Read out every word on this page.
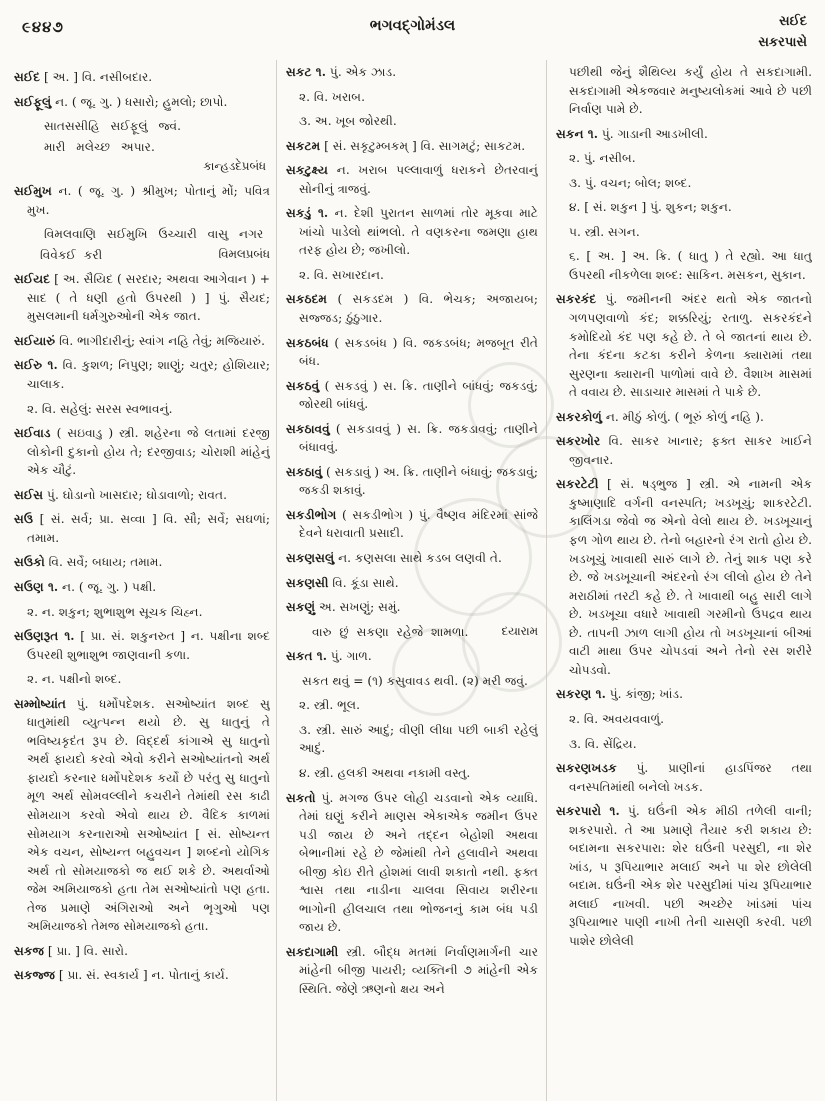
૯૪૪૭	ભગવદ્ગોમંડલ	સઈદ
સકરપાસે

સઈદ [ અ. ] વિ. નસીબદાર.

સઈફૂલું ન. ( જૂ. ગુ. ) ધસારો; હુમલો; છાપો.

સાતસસીહિ સઈફૂલું જ્વં.

મારી મલેચ્છ અપાર.

કાન્હડદેપ્રબંધ

સઈમુખ ન. ( જૂ. ગુ. ) શ્રીમુખ; પોતાનું મોં; પવિત્ર મુખ.

વિમલવાણિ સઈમુખિ ઉચ્ચારી વાસુ નગર

વિવેકઈ કરી	વિમલપ્રબંધ

સઈયદ [ અ. સૈયિદ ( સરદાર; અથવા આગેવાન ) + સાદ ( તે ધણી હતો ઉપરથી ) ] પું. સૈયદ; મુસલમાની ધર્મગુરુઓની એક જાત.

સઈયારું વિ. ભાગીદારીનું; સ્વાંગ નહિ તેવું; મજિયારું.

સઈરુ ૧. વિ. કુશળ; નિપુણ; શાણું; ચતુર; હોશિયાર; ચાલાક.

૨. વિ. સહેલું: સરસ સ્વભાવનું.

સઈવાડ ( સઇવાડુ ) સ્ત્રી. શહેરના જે લતામાં દરજી લોકોની દુકાનો હોય તે; દરજીવાડ; ચોરાશી માંહેનું એક ચૌટું.

સઈસ પું. ઘોડાનો ખાસદાર; ઘોડાવાળો; રાવત.

સઉ [ સં. સર્વ; પ્રા. સવ્વા ] વિ. સૌ; સર્વે; સઘળાં; તમામ.

સઉકો વિ. સર્વે; બધાય; તમામ.

સઉણ ૧. ન. ( જૂ. ગુ. ) પક્ષી.

૨. ન. શકુન; શુભાશુભ સૂચક ચિહ્ન.

સઉણરૂત ૧. [ પ્રા. સં. શકુનરુત ] ન. પક્ષીના શબ્દ ઉપરથી શુભાશુભ જાણવાની કળા.

૨. ન. પક્ષીનો શબ્દ.

સમ્મોષ્યાંત પું. ધર્મોપદેશક. સઓષ્યાંત શબ્દ સુ ધાતુમાંથી વ્યુત્પન્ન થયો છે. સુ ધાતુનું તે ભવિષ્યકૃદંત રૂપ છે. વિદ્દર્થ કાંગાએ સુ ધાતુનો અર્થ ફાયદો કરવો એવો કરીને સઓષ્યાંતનો અર્થ ફાયદો કરનાર ધર્મોપદેશક કર્યો છે પરંતુ સુ ધાતુનો મૂળ અર્થ સોમવલ્લીને કચરીને તેમાંથી રસ કાઢી સોમયાગ કરવો એવો થાય છે. વૈદિક કાળમાં સોમયાગ કરનારાઓ સઓષ્યાંત [ સં. સોષ્યન્ત એક વચન, સોષ્યન્ત બહુવચન ] શબ્દનો યોગિક અર્થ તો સોમયાજકો જ થઈ શકે છે. અથર્વાઓ જેમ અમિયાજકો હતા તેમ સઓષ્યાંતો પણ હતા. તેજ પ્રમાણે અંગિરાઓ અને ભૃગુઓ પણ અમિયાજકો તેમજ સોમયાજકો હતા.

સકજ [ પ્રા. ] વિ. સારો.

સકજ્જ [ પ્રા. સં. સ્વકાર્ય ] ન. પોતાનું કાર્ય.

સકટ ૧. પું. એક ઝાડ.

૨. વિ. ખરાબ.

૩. અ. ખૂબ જોરથી.

સકટમ [ સં. સકૃટુમ્બકમ્ ] વિ. સાગમટું; સાકટમ.

સકટુક્ષ્ય ન. ખરાબ પલ્લાવાળું ધરાકને છેતરવાનું સોનીનું ત્રાજવું.

સકડું ૧. ન. દેશી પુરાતન સાળમાં તોર મૂકવા માટે ખાંચો પાડેલો થાંભલો. તે વણકરના જમણા હાથ તરફ હોય છે; જખીલો.

૨. વિ. સખારદાન.

સકઠદમ ( સકડદમ ) વિ. ભેચક; અજાયબ; સજ્જડ; ઠુંઠુગાર.

સકઠબંધ ( સકડબંધ ) વિ. જકડબંધ; મજબૂત રીતે બંધ.

સકઠવું ( સકડવું ) સ. ક્રિ. તાણીને બાંધવું; જકડવું; જોરથી બાંધવું.

સકઠાવવું ( સકડાવવું ) સ. ક્રિ. જકડાવવું; તાણીને બંધાવવું.

સકઠાવું ( સકડાવું ) અ. ક્રિ. તાણીને બંધાવું; જકડાવું; જકડી શકાવું.

સકડીભોગ ( સકડીભોગ ) પું. વૈષ્ણવ મંદિરમાં સાંજે દેવને ધરાવાતી પ્રસાદી.

સકણસલું ન. કણસલા સાથે કડબ લણવી તે.

સકણસી વિ. કૂંડા સાથે.

સકણું અ. સખણું; સમું.

વારુ છું સકણા રહેજે શામળા.	દયારામ

સકત ૧. પું. ગાળ.

સકત થવું = (૧) કસુવાવડ થવી. (૨) મરી જવું.

૨. સ્ત્રી. ભૂલ.

૩. સ્ત્રી. સારું આદું; વીણી લીધા પછી બાકી રહેલું આદું.

૪. સ્ત્રી. હલકી અથવા નકામી વસ્તુ.

સકતો પું. મગજ ઉપર લોહી ચડવાનો એક વ્યાધિ. તેમાં ઘણું કરીને માણસ એકાએક જમીન ઉપર પડી જાય છે અને તદ્દન બેહોશી અથવા બેભાનીમાં રહે છે જેમાંથી તેને હલાવીને અથવા બીજી કોઇ રીતે હોશમાં લાવી શકાતો નથી. ફક્ત શ્વાસ તથા નાડીના ચાલવા સિવાય શરીરના ભાગોની હીલચાલ તથા ભોજનનું કામ બંધ પડી જાય છે.

સકદાગામી સ્ત્રી. બૌદ્ધ મતમાં નિર્વાણમાર્ગની ચાર માંહેની બીજી પાયરી; વ્યક્તિની ૭ માંહેની એક સ્થિતિ. જેણે ઋણનો ક્ષય અને

પછીથી જેનું શૈથિલ્ય કર્યું હોય તે સકદાગામી. સકદાગામી એકજવાર મનુષ્યલોકમાં આવે છે પછી નિર્વાણ પામે છે.

સકન ૧. પું. ગાડાની આડખીલી.

૨. પું. નસીબ.

૩. પું. વચન; બોલ; શબ્દ.

૪. [ સં. શકુન ] પું. શુકન; શકુન.

૫. સ્ત્રી. સગન.

૬. [ અ. ] અ. ક્રિ. ( ધાતુ ) તે રહ્યો. આ ધાતુ ઉપરથી નીકળેલા શબ્દ: સાકિન. મસકન, સુકાન.

સકરકંદ પું. જમીનની અંદર થતો એક જાતનો ગળપણવાળો કંદ; શક્કરિયું; રતાળુ. સકરકંદને કમોદિયો કંદ પણ કહે છે. તે બે જાતનાં થાય છે. તેના કંદના કટકા કરીને કેળના ક્યારામાં તથા સુરણના ક્યારાની પાળોમાં વાવે છે. વૈશાખ માસમાં તે વવાય છે. સાડાચાર માસમાં તે પાકે છે.

સકરકોળું ન. મીઠું કોળું. ( ભૂરું કોળું નહિ ).

સકરખોર વિ. સાકર ખાનાર; ફક્ત સાકર ખાઈને જીવનાર.

સકરટેટી [ સં. ષડ્ભુજ ] સ્ત્રી. એ નામની એક કુષ્માણાદિ વર્ગની વનસ્પતિ; ખડખૂચું; શાકરટેટી. કાલિંગડા જેવો જ એનો વેલો થાય છે. ખડખૂચાનું ફળ ગોળ થાય છે. તેનો બહારનો રંગ રાતો હોય છે. ખડખૂચું ખાવાથી સારું લાગે છે. તેનું શાક પણ કરે છે. જે ખડખૂચાની અંદરનો રંગ લીલો હોય છે તેને મરાઠીમાં તરટી કહે છે. તે ખાવાથી બહુ સારી લાગે છે. ખડખૂચા વધારે ખાવાથી ગરમીનો ઉપદ્રવ થાય છે. તાપની ઝાળ લાગી હોય તો ખડખૂચાનાં બીઆં વાટી માથા ઉપર ચોપડવાં અને તેનો રસ શરીરે ચોપડવો.

સકરણ ૧. પું. કાંજી; ખાંડ.

૨. વિ. અવયવવાળું.

૩. વિ. સેંદ્રિય.

સકરણખડક પું. પ્રાણીનાં હાડપિંજર તથા વનસ્પતિમાંથી બનેલો ખડક.

સકરપારો ૧. પું. ઘઉંની એક મીઠી તળેલી વાની; શકરપારો. તે આ પ્રમાણે તૈયાર કરી શકાય છે: બદામના સકરપારા: શેર ઘઉંની પરસુદી, ના શેર ખાંડ, ૫ રૂપિયાભાર મલાઈ અને પા શેર છોલેલી બદામ. ઘઉંની એક શેર પરસુદીમાં પાંચ રૂપિયાભાર મલાઈ નાખવી. પછી અચ્છેર ખાંડમાં પાંચ રૂપિયાભાર પાણી નાખી તેની ચાસણી કરવી. પછી પાશેર છોલેલી
